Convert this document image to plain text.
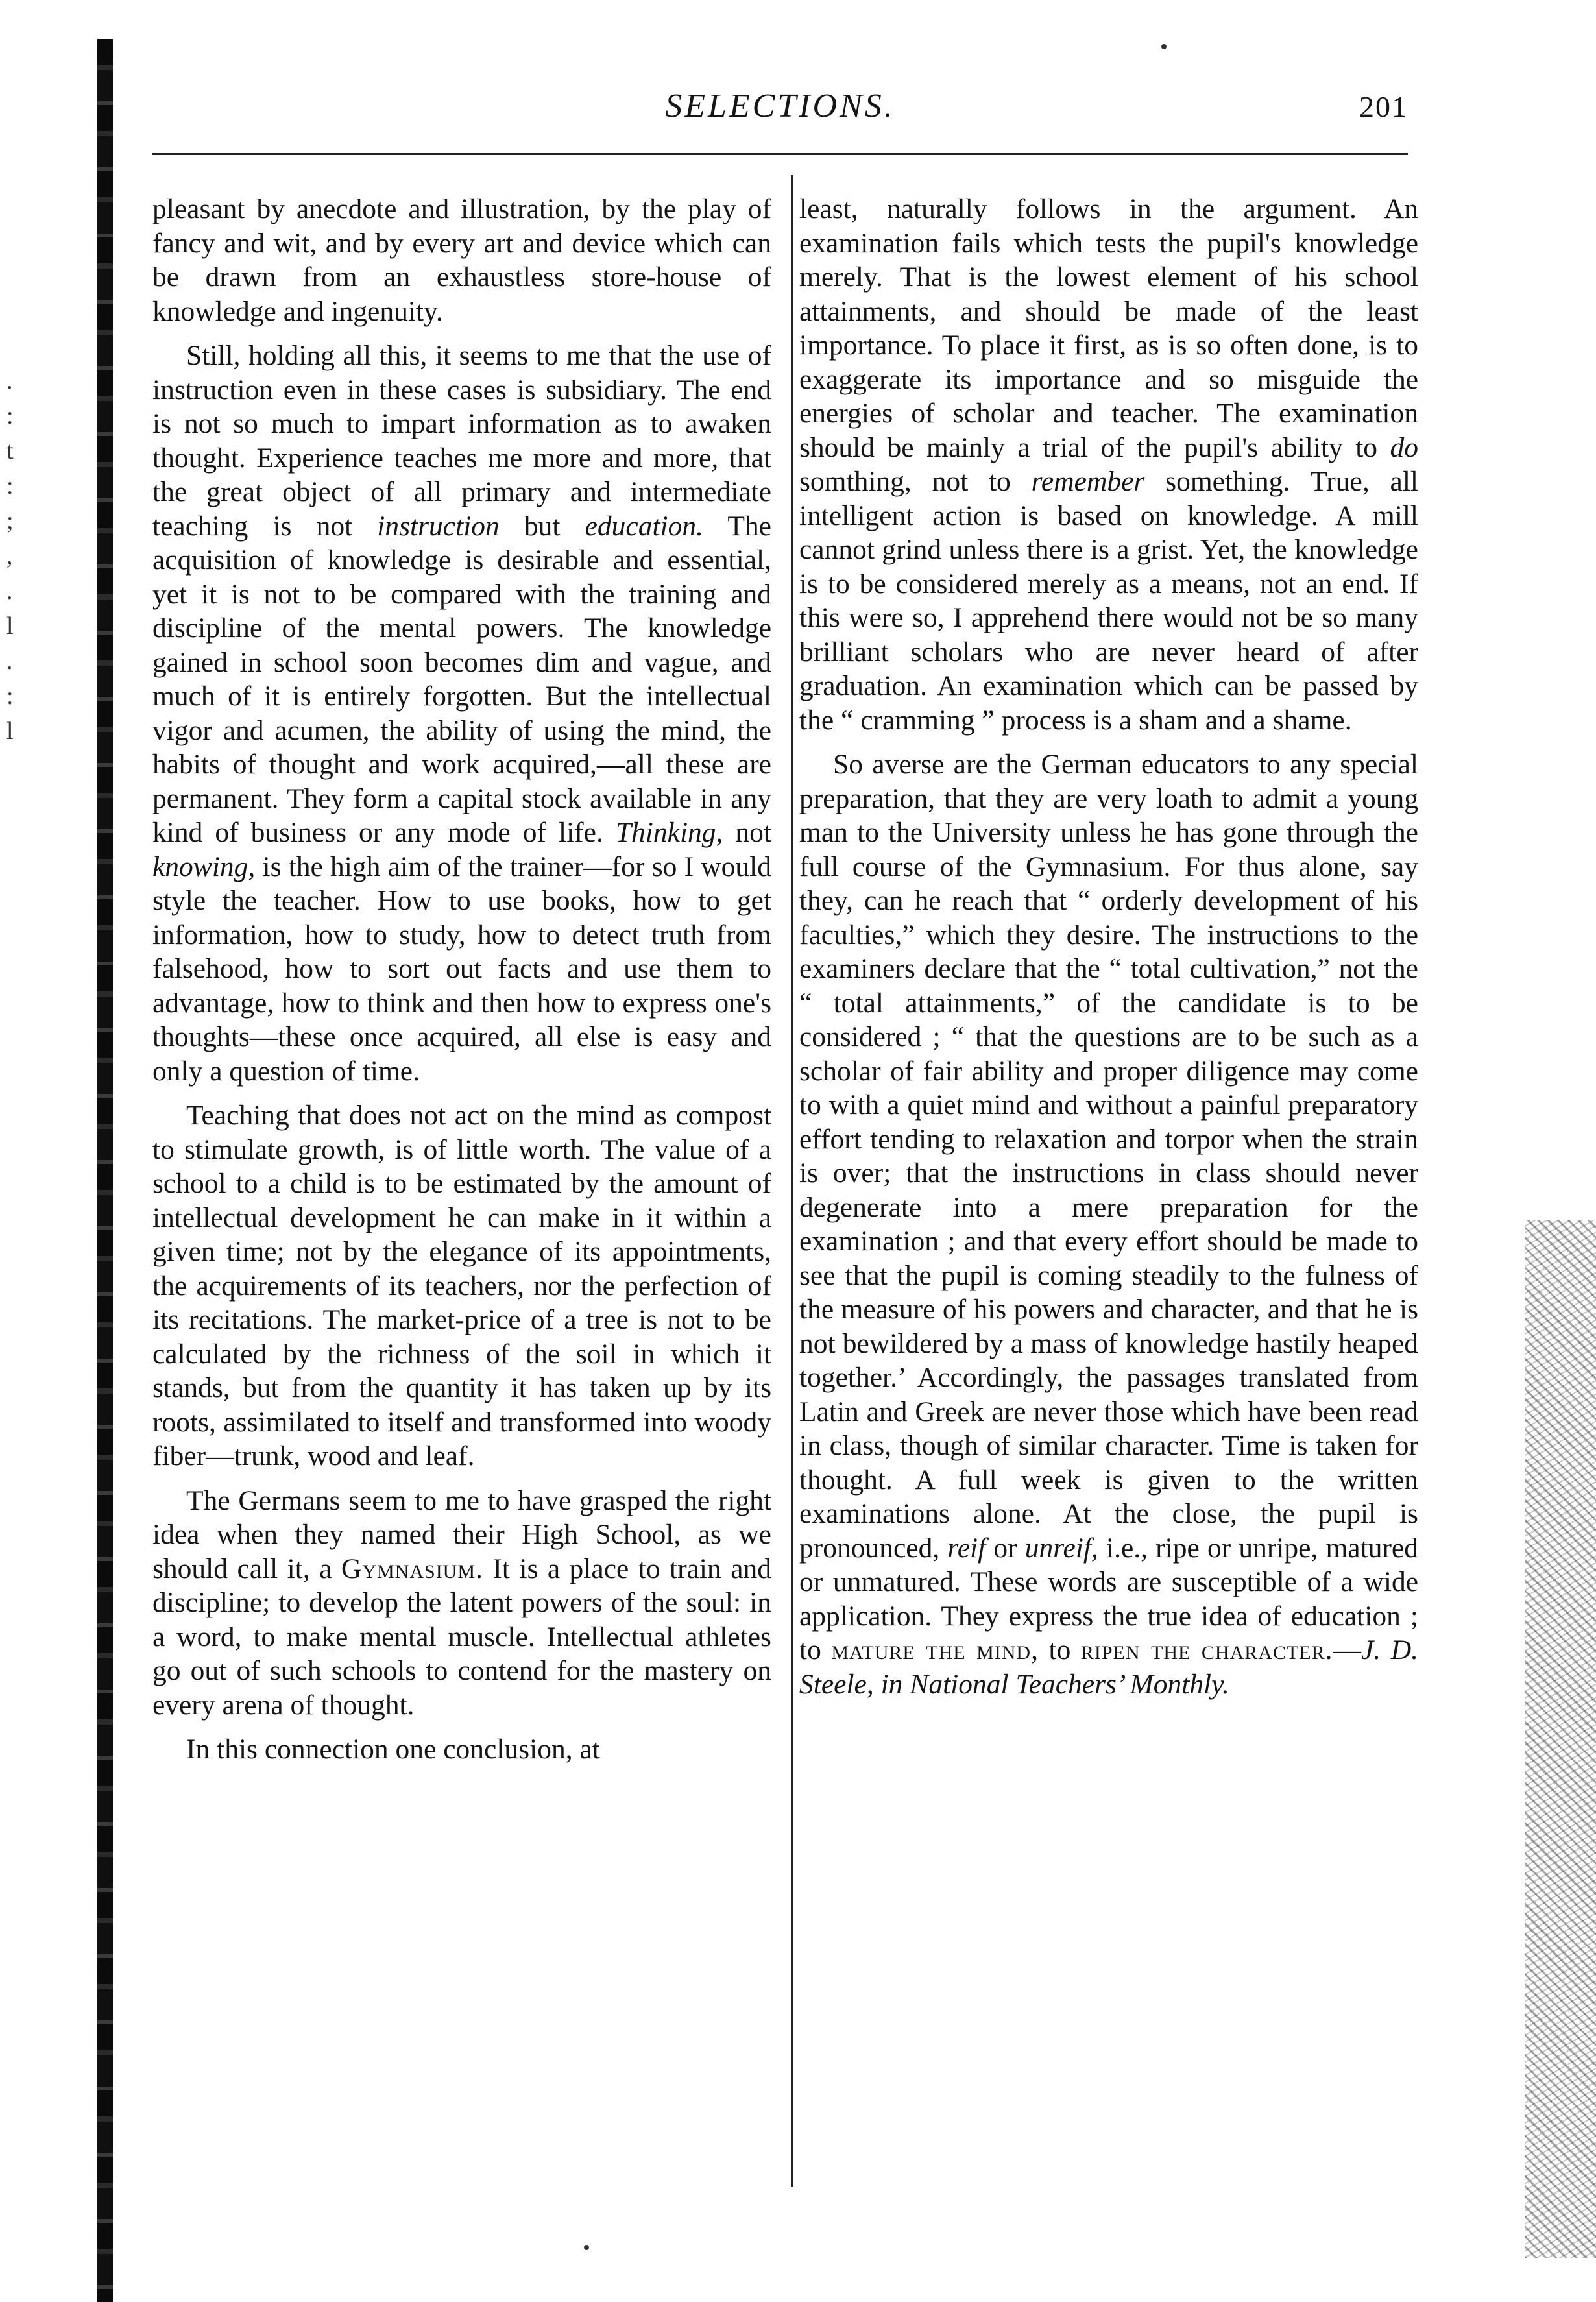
.
:
t
:
;
,
.
l
.
:
l
SELECTIONS.	201

pleasant by anecdote and illustration, by the play of fancy and wit, and by every art and device which can be drawn from an exhaustless store-house of knowledge and ingenuity.

Still, holding all this, it seems to me that the use of instruction even in these cases is subsidiary. The end is not so much to impart information as to awaken thought. Experience teaches me more and more, that the great object of all primary and intermediate teaching is not instruction but education. The acquisition of knowledge is desirable and essential, yet it is not to be compared with the training and discipline of the mental powers. The knowledge gained in school soon becomes dim and vague, and much of it is entirely forgotten. But the intellectual vigor and acumen, the ability of using the mind, the habits of thought and work acquired,—all these are permanent. They form a capital stock available in any kind of business or any mode of life. Thinking, not knowing, is the high aim of the trainer—for so I would style the teacher. How to use books, how to get information, how to study, how to detect truth from falsehood, how to sort out facts and use them to advantage, how to think and then how to express one's thoughts—these once acquired, all else is easy and only a question of time.

Teaching that does not act on the mind as compost to stimulate growth, is of little worth. The value of a school to a child is to be estimated by the amount of intellectual development he can make in it within a given time; not by the elegance of its appointments, the acquirements of its teachers, nor the perfection of its recitations. The market-price of a tree is not to be calculated by the richness of the soil in which it stands, but from the quantity it has taken up by its roots, assimilated to itself and transformed into woody fiber—trunk, wood and leaf.

The Germans seem to me to have grasped the right idea when they named their High School, as we should call it, a Gymnasium. It is a place to train and discipline; to develop the latent powers of the soul: in a word, to make mental muscle. Intellectual athletes go out of such schools to contend for the mastery on every arena of thought.

In this connection one conclusion, at

least, naturally follows in the argument. An examination fails which tests the pupil's knowledge merely. That is the lowest element of his school attainments, and should be made of the least importance. To place it first, as is so often done, is to exaggerate its importance and so misguide the energies of scholar and teacher. The examination should be mainly a trial of the pupil's ability to do somthing, not to remember something. True, all intelligent action is based on knowledge. A mill cannot grind unless there is a grist. Yet, the knowledge is to be considered merely as a means, not an end. If this were so, I apprehend there would not be so many brilliant scholars who are never heard of after graduation. An examination which can be passed by the “ cramming ” process is a sham and a shame.

So averse are the German educators to any special preparation, that they are very loath to admit a young man to the University unless he has gone through the full course of the Gymnasium. For thus alone, say they, can he reach that “ orderly development of his faculties,” which they desire. The instructions to the examiners declare that the “ total cultivation,” not the “ total attainments,” of the candidate is to be considered ; “ that the questions are to be such as a scholar of fair ability and proper diligence may come to with a quiet mind and without a painful preparatory effort tending to relaxation and torpor when the strain is over; that the instructions in class should never degenerate into a mere preparation for the examination ; and that every effort should be made to see that the pupil is coming steadily to the fulness of the measure of his powers and character, and that he is not bewildered by a mass of knowledge hastily heaped together.’ Accordingly, the passages translated from Latin and Greek are never those which have been read in class, though of similar character. Time is taken for thought. A full week is given to the written examinations alone. At the close, the pupil is pronounced, reif or unreif, i.e., ripe or unripe, matured or unmatured. These words are susceptible of a wide application. They express the true idea of education ; to mature the mind, to ripen the character.—J. D. Steele, in National Teachers’ Monthly.
